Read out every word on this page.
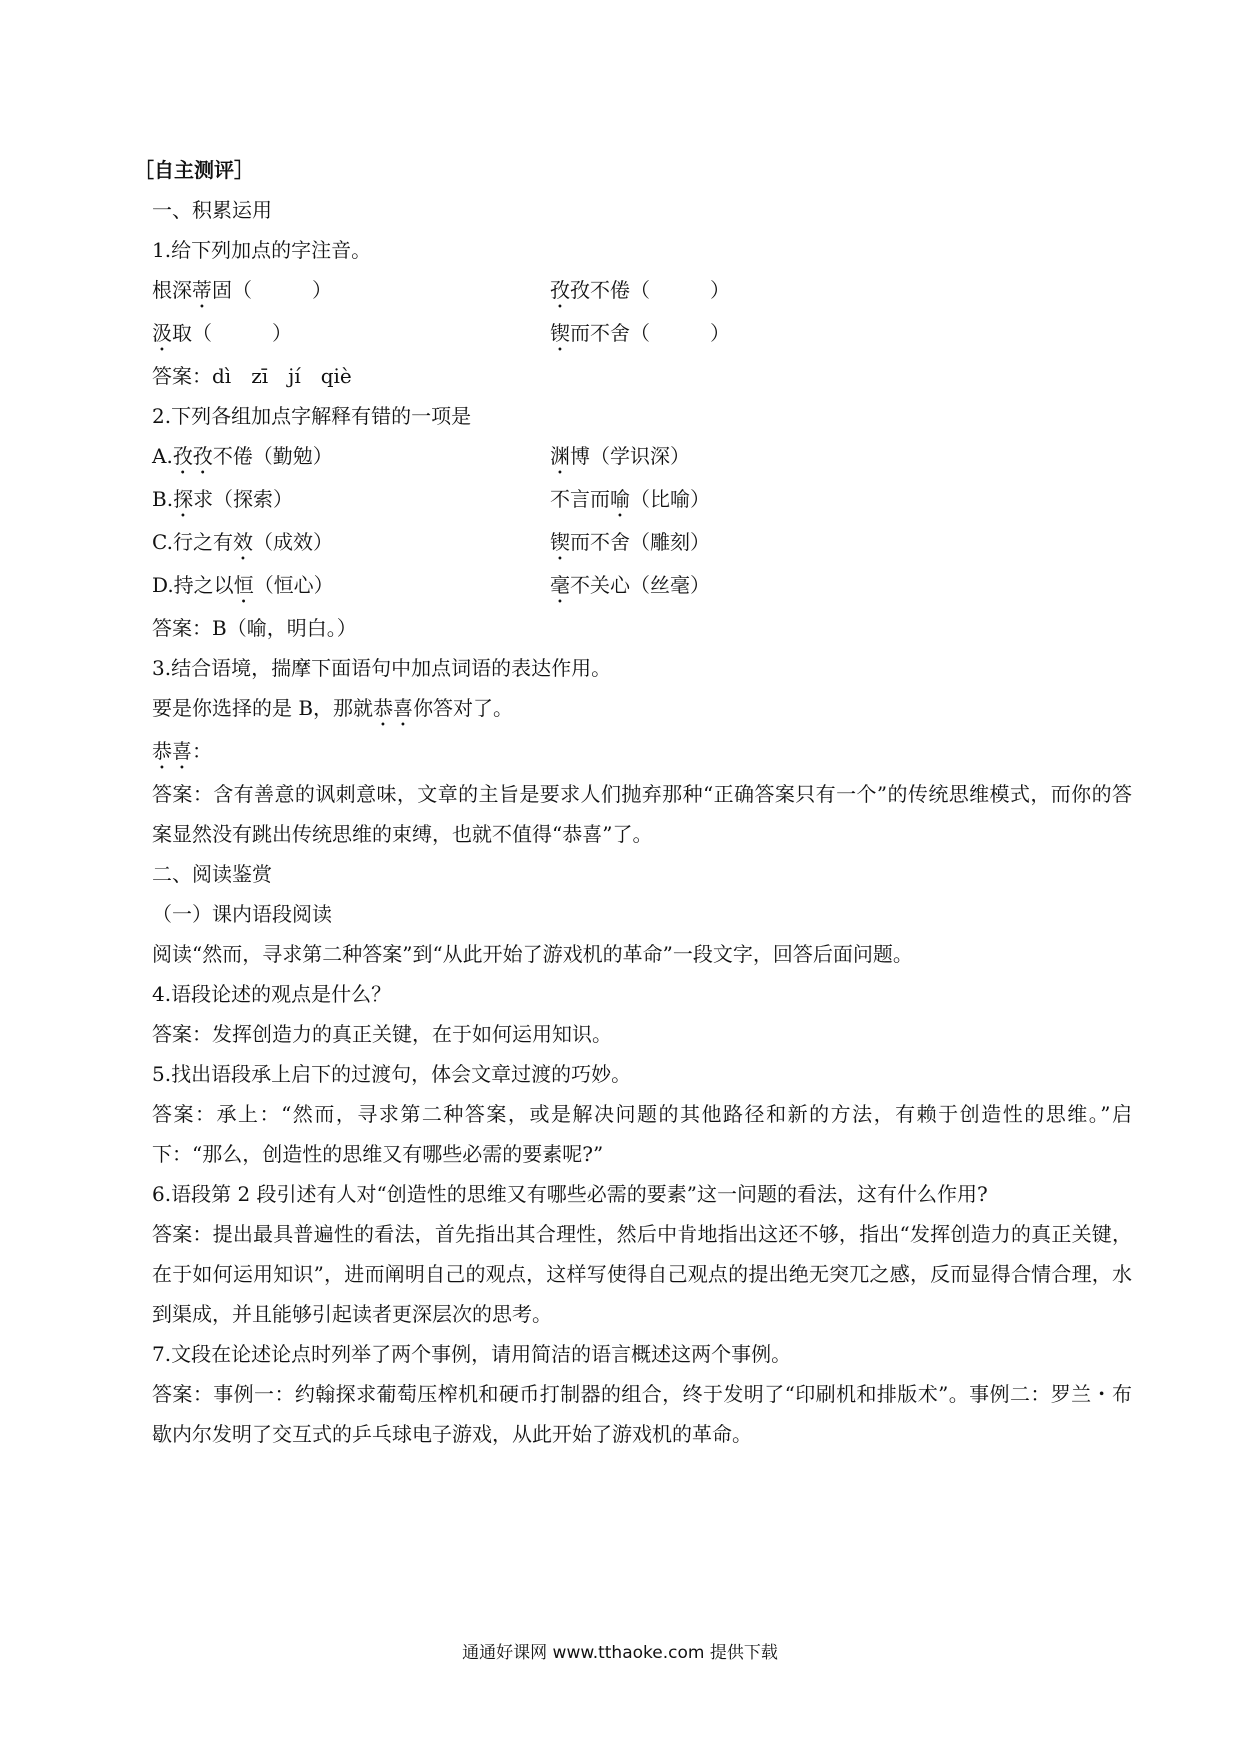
［自主测评］
一、积累运用
1.给下列加点的字注音。
根深蒂固（　　　）	孜孜不倦（　　　）
汲取（　　　）	锲而不舍（　　　）
答案：dì　zī　jí　qiè
2.下列各组加点字解释有错的一项是
A.孜孜不倦（勤勉）	渊博（学识深）
B.探求（探索）	不言而喻（比喻）
C.行之有效（成效）	锲而不舍（雕刻）
D.持之以恒（恒心）	毫不关心（丝毫）
答案：B（喻，明白。）
3.结合语境，揣摩下面语句中加点词语的表达作用。
要是你选择的是 B，那就恭喜你答对了。
恭喜：
答案：含有善意的讽刺意味，文章的主旨是要求人们抛弃那种“正确答案只有一个”的传统思维模式，而你的答案显然没有跳出传统思维的束缚，也就不值得“恭喜”了。
二、阅读鉴赏
（一）课内语段阅读
阅读“然而，寻求第二种答案”到“从此开始了游戏机的革命”一段文字，回答后面问题。
4.语段论述的观点是什么？
答案：发挥创造力的真正关键，在于如何运用知识。
5.找出语段承上启下的过渡句，体会文章过渡的巧妙。
答案：承上：“然而，寻求第二种答案，或是解决问题的其他路径和新的方法，有赖于创造性的思维。”启下：“那么，创造性的思维又有哪些必需的要素呢?”
6.语段第 2 段引述有人对“创造性的思维又有哪些必需的要素”这一问题的看法，这有什么作用?
答案：提出最具普遍性的看法，首先指出其合理性，然后中肯地指出这还不够，指出“发挥创造力的真正关键，在于如何运用知识”，进而阐明自己的观点，这样写使得自己观点的提出绝无突兀之感，反而显得合情合理，水到渠成，并且能够引起读者更深层次的思考。
7.文段在论述论点时列举了两个事例，请用简洁的语言概述这两个事例。
答案：事例一：约翰探求葡萄压榨机和硬币打制器的组合，终于发明了“印刷机和排版术”。事例二：罗兰・布歇内尔发明了交互式的乒乓球电子游戏，从此开始了游戏机的革命。
通通好课网 www.tthaoke.com 提供下载
